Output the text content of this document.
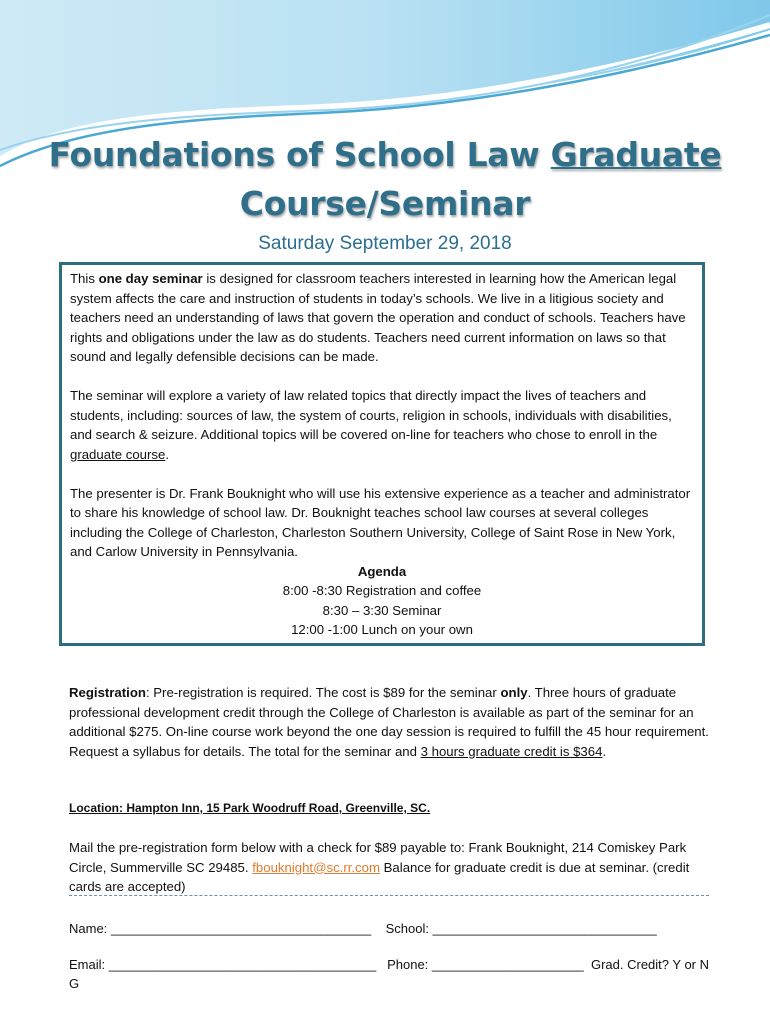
Foundations of School Law Graduate
Course/Seminar
Saturday September 29, 2018

This one day seminar is designed for classroom teachers interested in learning how the American legal system affects the care and instruction of students in today’s schools. We live in a litigious society and teachers need an understanding of laws that govern the operation and conduct of schools. Teachers have rights and obligations under the law as do students. Teachers need current information on laws so that sound and legally defensible decisions can be made.

The seminar will explore a variety of law related topics that directly impact the lives of teachers and students, including: sources of law, the system of courts, religion in schools, individuals with disabilities, and search & seizure. Additional topics will be covered on-line for teachers who chose to enroll in the graduate course.

The presenter is Dr. Frank Bouknight who will use his extensive experience as a teacher and administrator to share his knowledge of school law. Dr. Bouknight teaches school law courses at several colleges including the College of Charleston, Charleston Southern University, College of Saint Rose in New York, and Carlow University in Pennsylvania.

Agenda

8:00 -8:30 Registration and coffee

8:30 – 3:30 Seminar

12:00 -1:00 Lunch on your own

Registration: Pre-registration is required. The cost is $89 for the seminar only. Three hours of graduate professional development credit through the College of Charleston is available as part of the seminar for an additional $275. On-line course work beyond the one day session is required to fulfill the 45 hour requirement. Request a syllabus for details. The total for the seminar and 3 hours graduate credit is $364.
Location: Hampton Inn, 15 Park Woodruff Road, Greenville, SC.
Mail the pre-registration form below with a check for $89 payable to: Frank Bouknight, 214 Comiskey Park Circle, Summerville SC 29485. fbouknight@sc.rr.com Balance for graduate credit is due at seminar. (credit cards are accepted)
Name: ____________________________________ School: _______________________________
Email: _____________________________________ Phone: _____________________ Grad. Credit? Y or N
G
